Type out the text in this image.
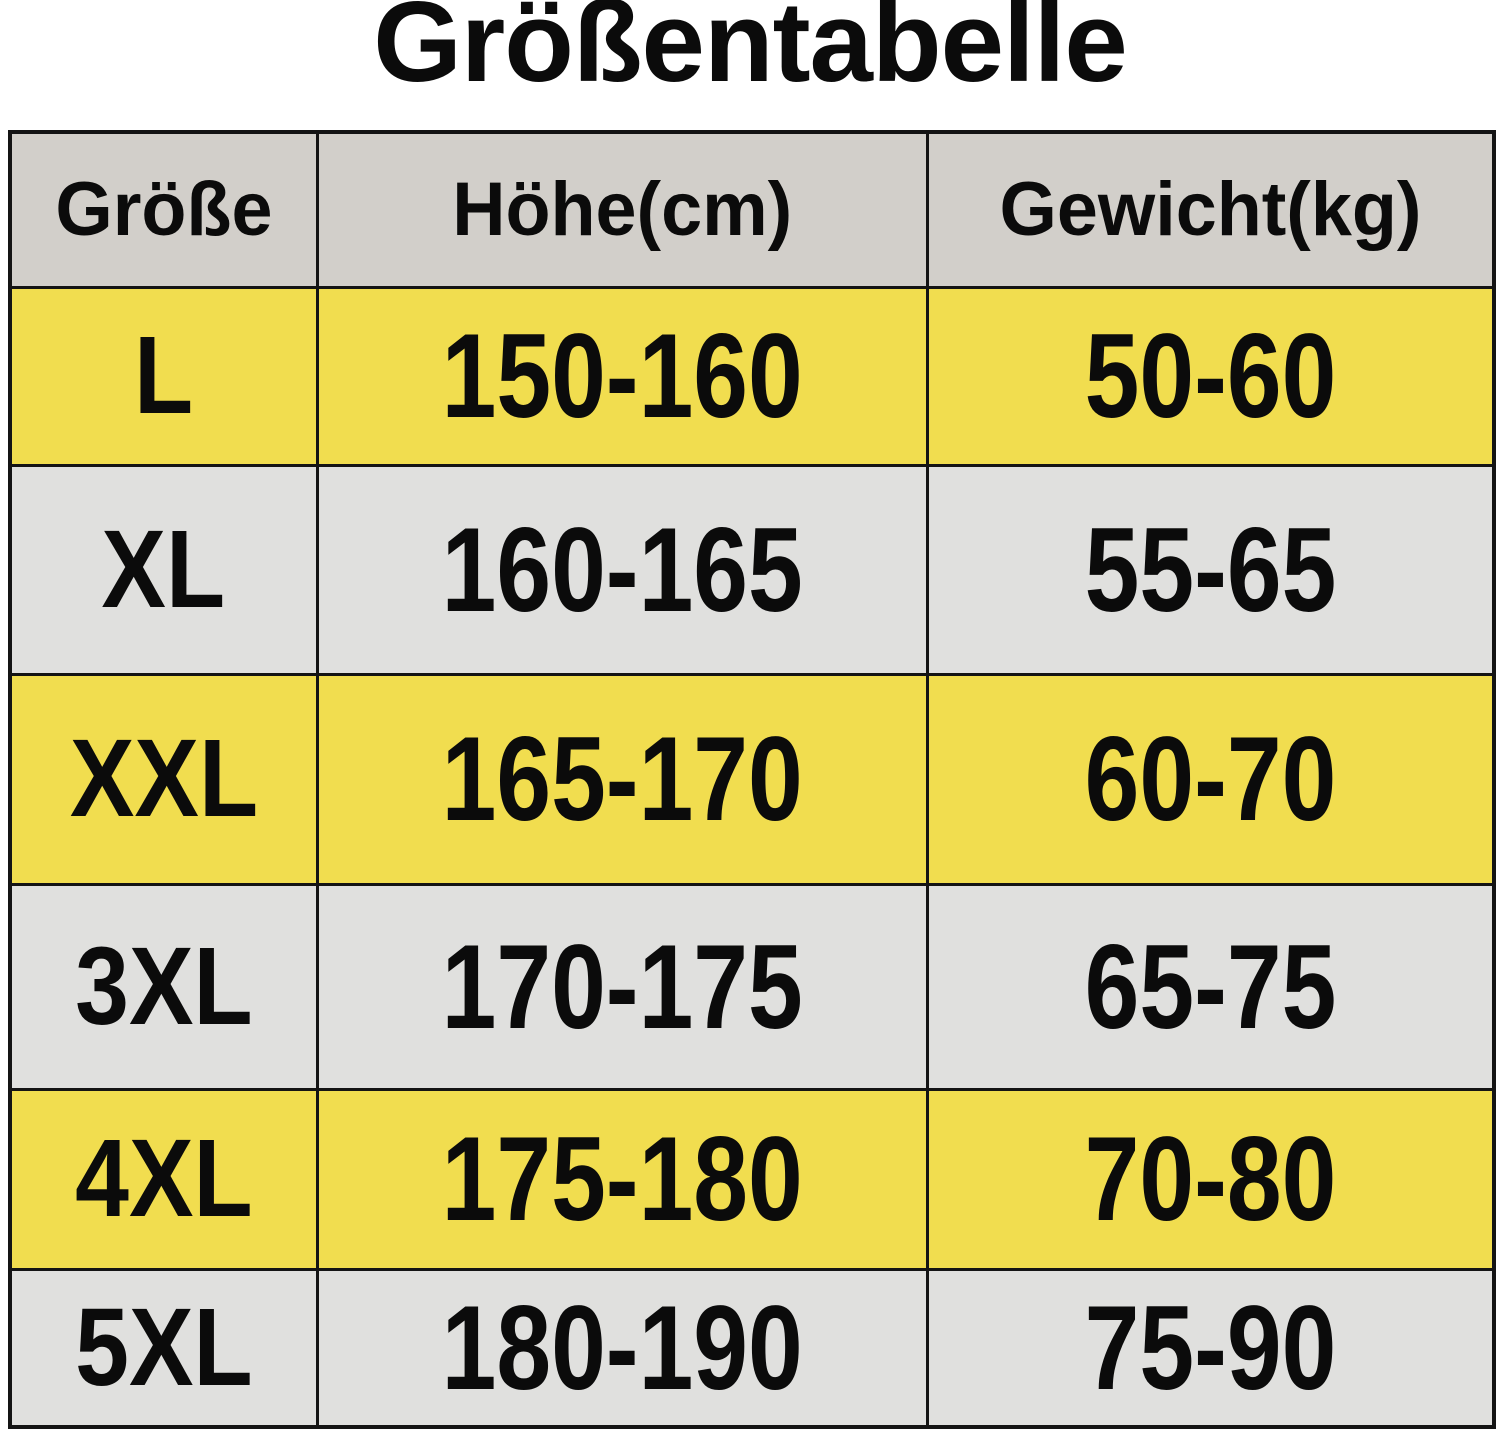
Größentabelle
Größe	Höhe(cm)	Gewicht(kg)
L	150-160	50-60
XL	160-165	55-65
XXL	165-170	60-70
3XL	170-175	65-75
4XL	175-180	70-80
5XL	180-190	75-90
